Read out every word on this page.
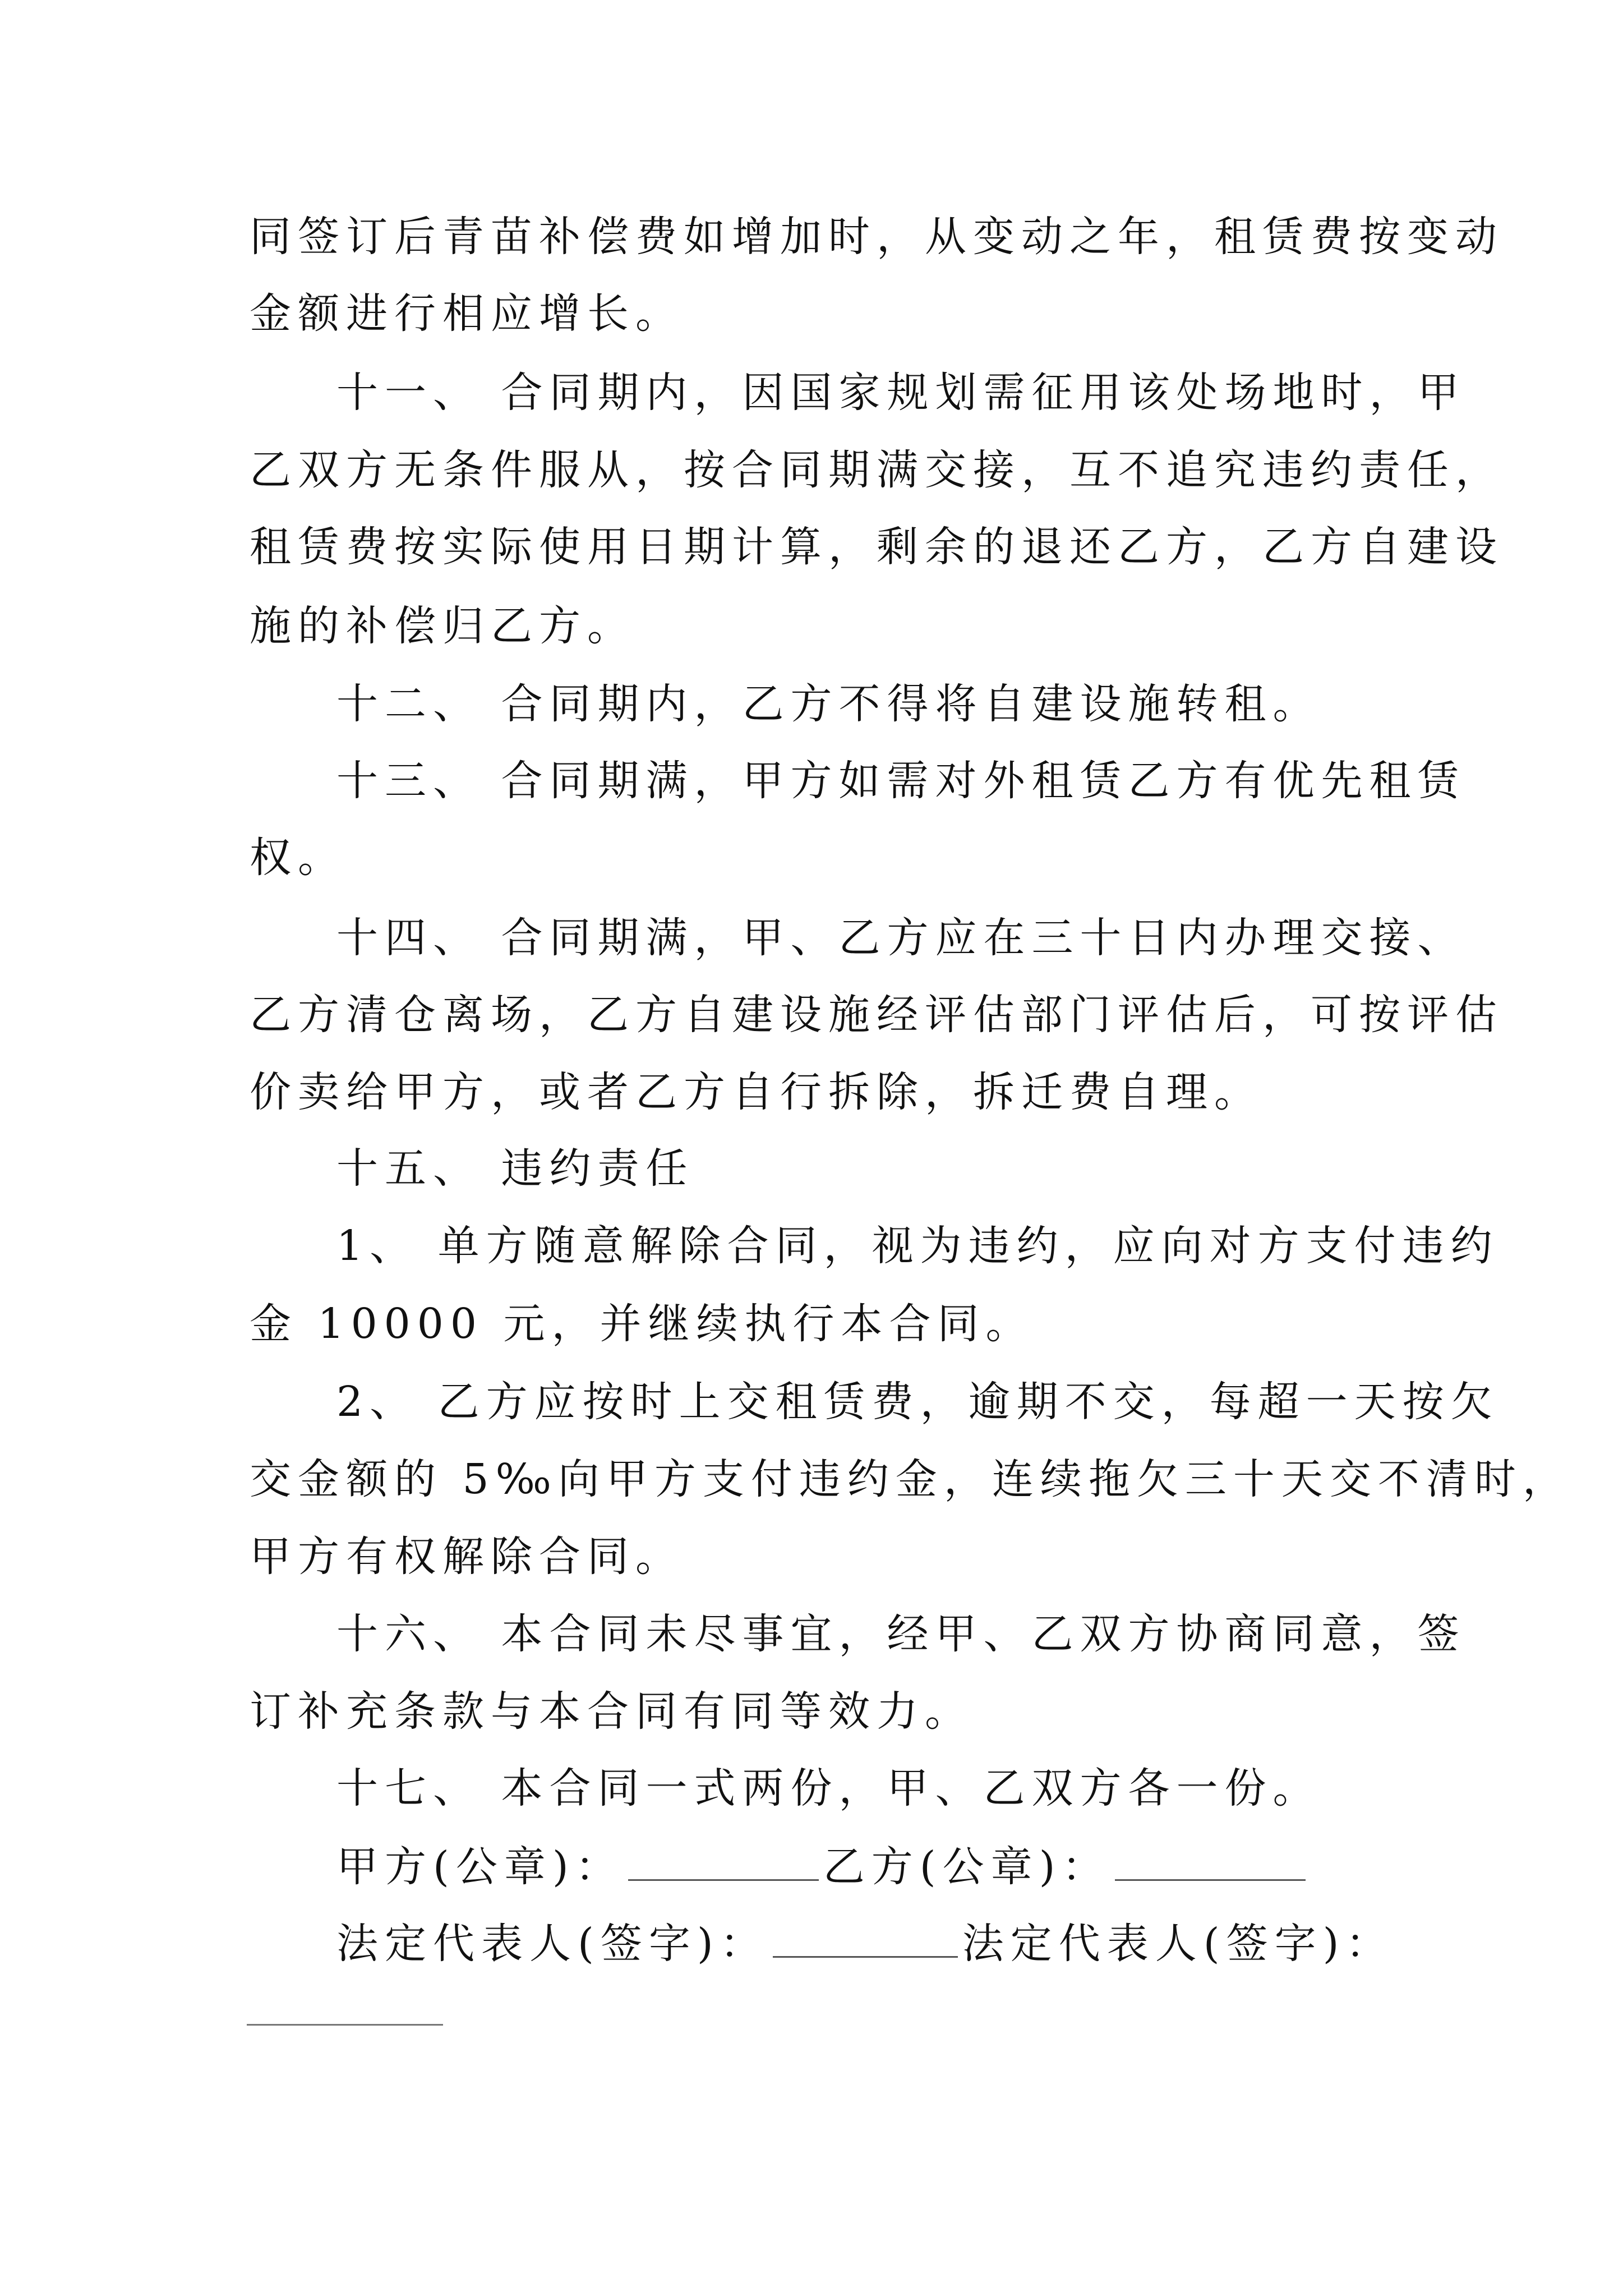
同签订后青苗补偿费如增加时，从变动之年，租赁费按变动
金额进行相应增长。
十一、 合同期内，因国家规划需征用该处场地时，甲
乙双方无条件服从，按合同期满交接，互不追究违约责任，
租赁费按实际使用日期计算，剩余的退还乙方，乙方自建设
施的补偿归乙方。
十二、 合同期内，乙方不得将自建设施转租。
十三、 合同期满，甲方如需对外租赁乙方有优先租赁
权。
十四、 合同期满，甲、乙方应在三十日内办理交接、
乙方清仓离场，乙方自建设施经评估部门评估后，可按评估
价卖给甲方，或者乙方自行拆除，拆迁费自理。
十五、 违约责任
1、 单方随意解除合同，视为违约，应向对方支付违约
金 10000 元，并继续执行本合同。
2、 乙方应按时上交租赁费，逾期不交，每超一天按欠
交金额的 5‰向甲方支付违约金，连续拖欠三十天交不清时，
甲方有权解除合同。
十六、 本合同未尽事宜，经甲、乙双方协商同意，签
订补充条款与本合同有同等效力。
十七、 本合同一式两份，甲、乙双方各一份。
甲方(公章)：	乙方(公章)：
法定代表人(签字)：	法定代表人(签字)：
